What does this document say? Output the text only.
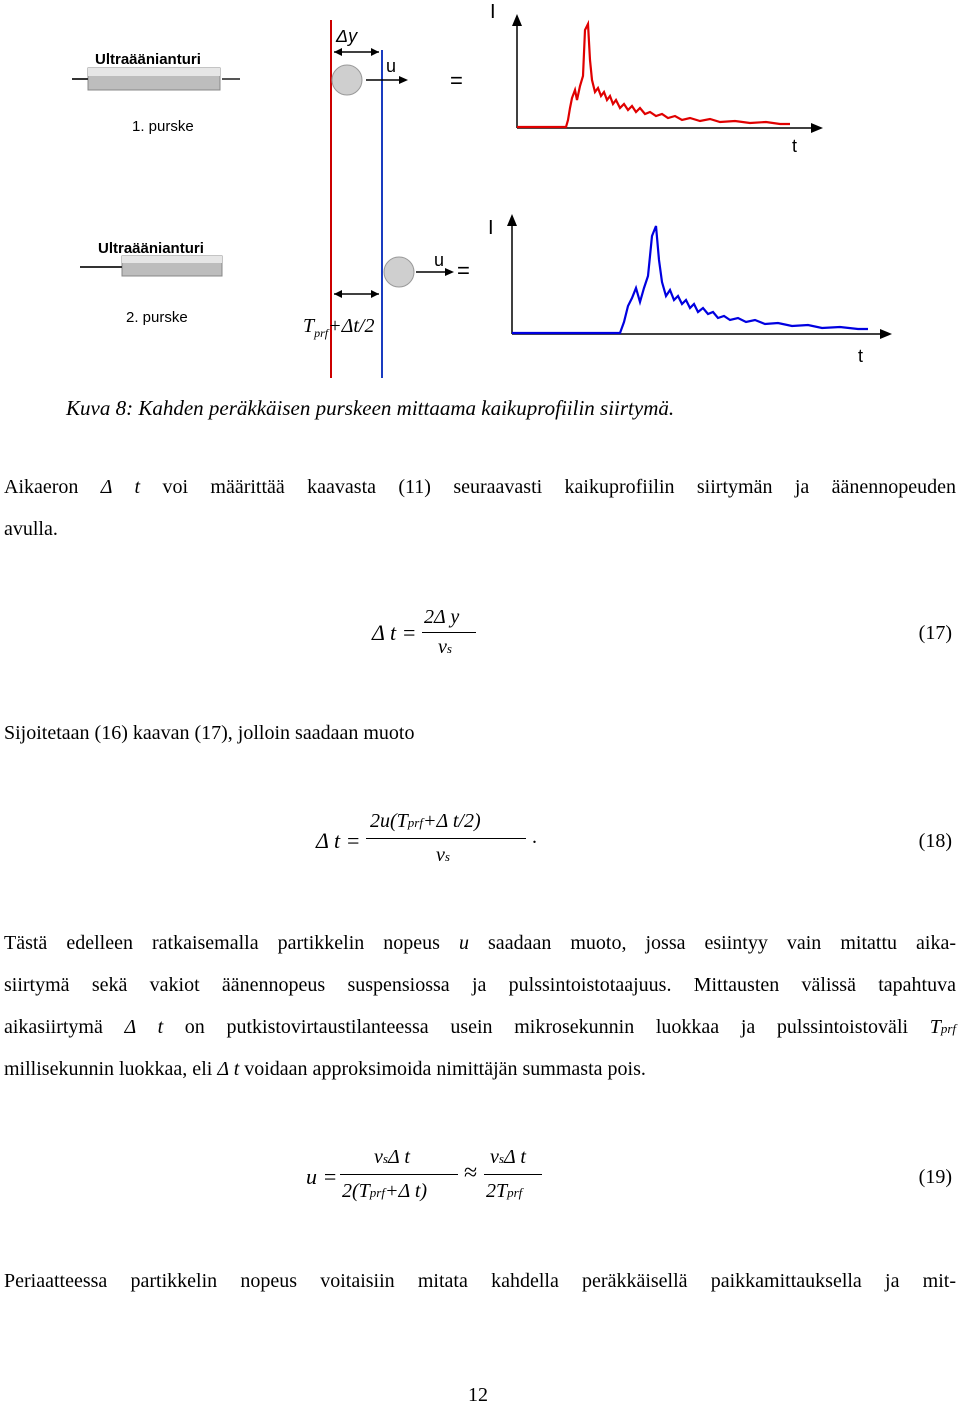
Ultraäänianturi
1. purske
Ultraäänianturi
2. purske
Δy
u
u
=
=
$T_{prf}+\Delta t/2$
I
t
I
t
Kuva 8: Kahden peräkkäisen purskeen mittaama kaikuprofiilin siirtymä.
Aikaeron Δ t voi määrittää kaavasta (11) seuraavasti kaikuprofiilin siirtymän ja äänennopeuden
avulla.
Δ t =
2Δ y
vs
(17)
Sijoitetaan (16) kaavan (17), jolloin saadaan muoto
Δ t =
2u(Tprf+Δ t/2)
vs
.	(18)
Tästä edelleen ratkaisemalla partikkelin nopeus u saadaan muoto, jossa esiintyy vain mitattu aika-
siirtymä sekä vakiot äänennopeus suspensiossa ja pulssintoistotaajuus. Mittausten välissä tapahtuva
aikasiirtymä Δ t on putkistovirtaustilanteessa usein mikrosekunnin luokkaa ja pulssintoistoväli Tprf
millisekunnin luokkaa, eli Δ t voidaan approksimoida nimittäjän summasta pois.
u =
vsΔ t
2(Tprf+Δ t)
≈
vsΔ t
2Tprf
(19)
Periaatteessa partikkelin nopeus voitaisiin mitata kahdella peräkkäisellä paikkamittauksella ja mit-
12
